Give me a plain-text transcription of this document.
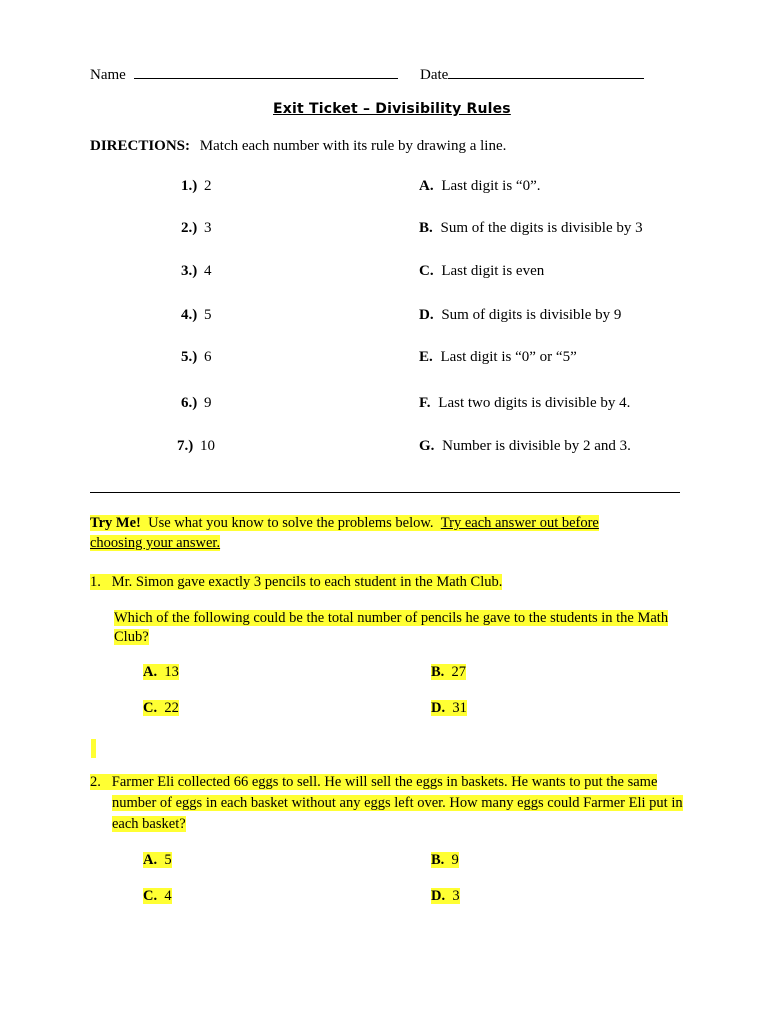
Name	Date
Exit Ticket – Divisibility Rules
DIRECTIONS: Match each number with its rule by drawing a line.
1.) 2
2.) 3
3.) 4
4.) 5
5.) 6
6.) 9
7.) 10
A. Last digit is “0”.
B. Sum of the digits is divisible by 3
C. Last digit is even
D. Sum of digits is divisible by 9
E. Last digit is “0” or “5”
F. Last two digits is divisible by 4.
G. Number is divisible by 2 and 3.
Try Me! Use what you know to solve the problems below. Try each answer out before
choosing your answer.
1. Mr. Simon gave exactly 3 pencils to each student in the Math Club.
Which of the following could be the total number of pencils he gave to the students in the Math
Club?
A. 13	B. 27
C. 22	D. 31
2. Farmer Eli collected 66 eggs to sell. He will sell the eggs in baskets. He wants to put the same
number of eggs in each basket without any eggs left over. How many eggs could Farmer Eli put in
each basket?
A. 5	B. 9
C. 4	D. 3
